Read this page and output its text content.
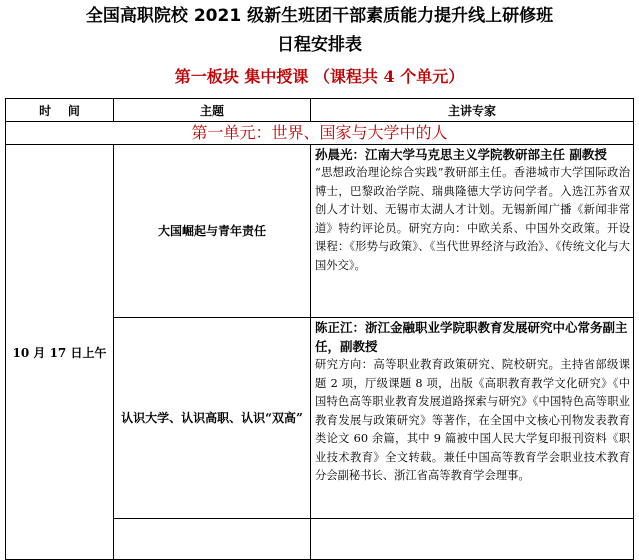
全国高职院校 2021 级新生班团干部素质能力提升线上研修班
日程安排表
第一板块 集中授课 （课程共 4 个单元）
时    间	主题	主讲专家
第一单元：世界、国家与大学中的人		
10 月 17 日上午	大国崛起与青年责任	孙晨光：江南大学马克思主义学院教研部主任 副教授
“思想政治理论综合实践”教研部主任。香港城市大学国际政治博士，巴黎政治学院、瑞典隆德大学访问学者。入选江苏省双创人才计划、无锡市太湖人才计划。无锡新闻广播《新闻非常道》特约评论员。研究方向：中欧关系、中国外交政策。开设课程：《形势与政策》、《当代世界经济与政治》、《传统文化与大国外交》。

	认识大学、认识高职、认识“双高”	陈正江：浙江金融职业学院职教育发展研究中心常务副主任，副教授
研究方向：高等职业教育政策研究、院校研究。主持省部级课题 2 项，厅级课题 8 项，出版《高职教育教学文化研究》《中国特色高等职业教育发展道路探索与研究》《中国特色高等职业教育发展与政策研究》等著作，在全国中文核心刊物发表教育类论文 60 余篇，其中 9 篇被中国人民大学复印报刊资料《职业技术教育》全文转载。兼任中国高等教育学会职业技术教育分会副秘书长、浙江省高等教育学会理事。
